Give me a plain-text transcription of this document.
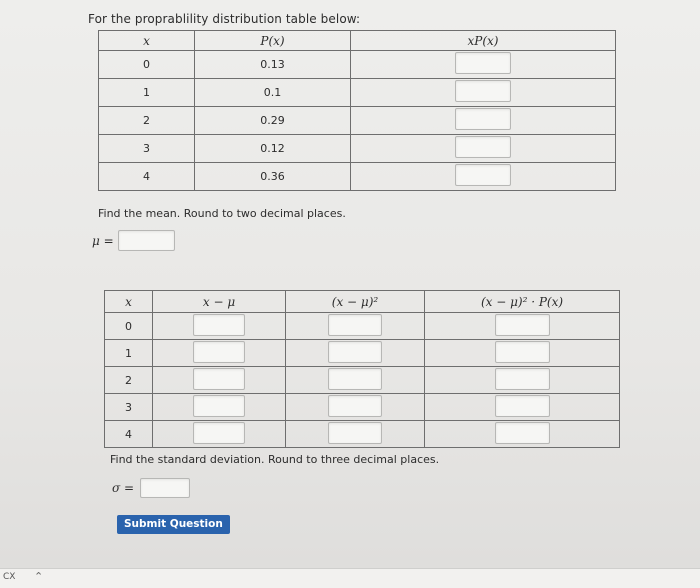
For the proprablility distribution table below:
x	P(x)	xP(x)
0	0.13	
1	0.1	
2	0.29	
3	0.12	
4	0.36	
Find the mean. Round to two decimal places.
μ =
x	x − μ	(x − μ)²	(x − μ)² · P(x)
0			
1			
2			
3			
4			
Find the standard deviation. Round to three decimal places.
σ =
Submit Question
CX ⌃
